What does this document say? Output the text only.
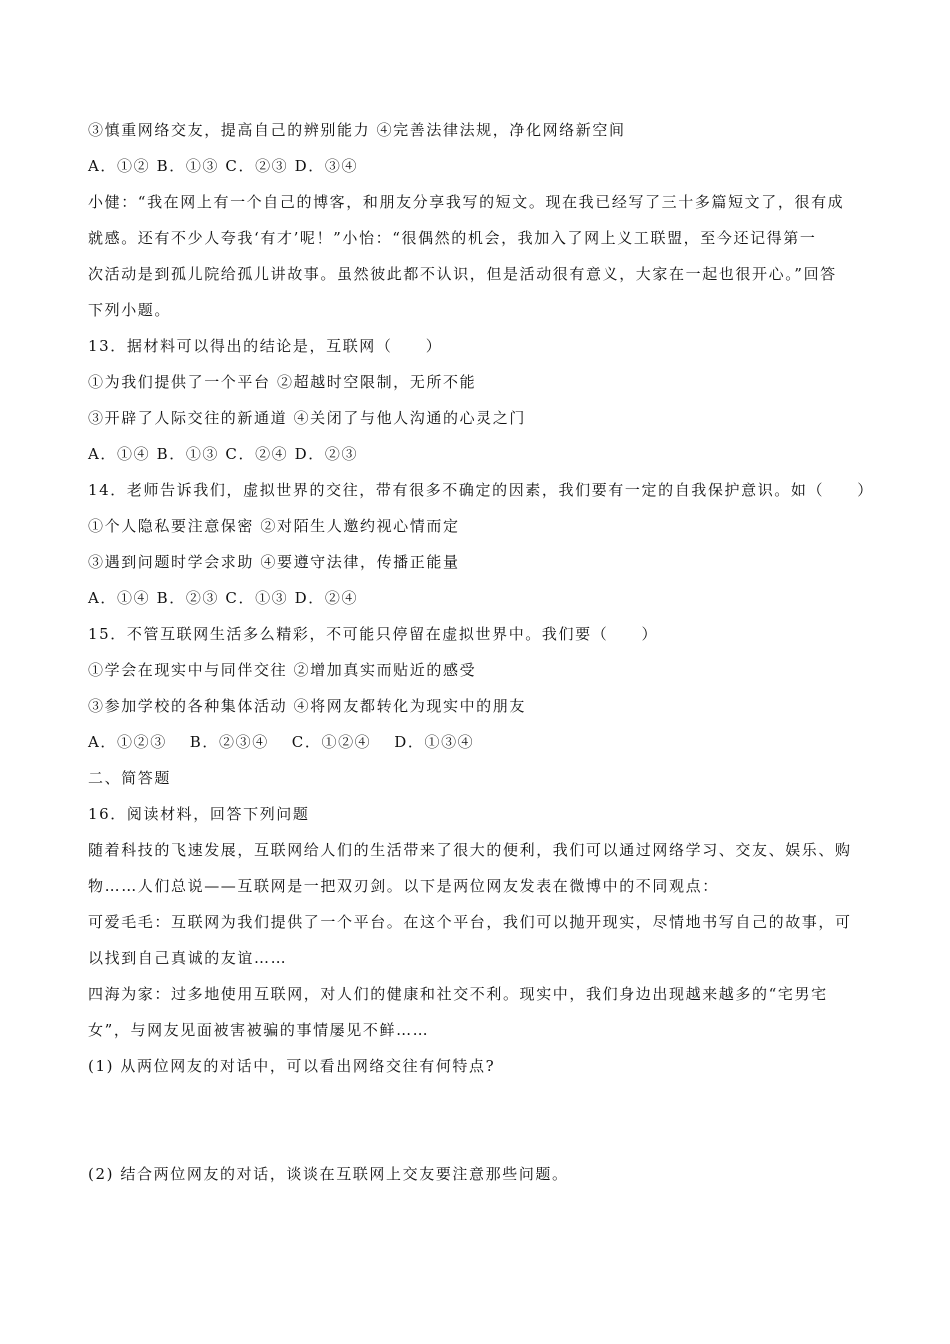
③慎重网络交友，提高自己的辨别能力 ④完善法律法规，净化网络新空间
A．①② B．①③ C．②③ D．③④
小健：“我在网上有一个自己的博客，和朋友分享我写的短文。现在我已经写了三十多篇短文了，很有成
就感。还有不少人夸我‘有才’呢！”小怡：“很偶然的机会，我加入了网上义工联盟，至今还记得第一
次活动是到孤儿院给孤儿讲故事。虽然彼此都不认识，但是活动很有意义，大家在一起也很开心。”回答
下列小题。
13．据材料可以得出的结论是，互联网（　　）
①为我们提供了一个平台 ②超越时空限制，无所不能
③开辟了人际交往的新通道 ④关闭了与他人沟通的心灵之门
A．①④ B．①③ C．②④ D．②③
14．老师告诉我们，虚拟世界的交往，带有很多不确定的因素，我们要有一定的自我保护意识。如（　　）
①个人隐私要注意保密 ②对陌生人邀约视心情而定
③遇到问题时学会求助 ④要遵守法律，传播正能量
A．①④ B．②③ C．①③ D．②④
15．不管互联网生活多么精彩，不可能只停留在虚拟世界中。我们要（　　）
①学会在现实中与同伴交往 ②增加真实而贴近的感受
③参加学校的各种集体活动 ④将网友都转化为现实中的朋友
A．①②③　 B．②③④　 C．①②④　 D．①③④
二、简答题
16．阅读材料，回答下列问题
随着科技的飞速发展，互联网给人们的生活带来了很大的便利，我们可以通过网络学习、交友、娱乐、购
物……人们总说——互联网是一把双刃剑。以下是两位网友发表在微博中的不同观点：
可爱毛毛：互联网为我们提供了一个平台。在这个平台，我们可以抛开现实，尽情地书写自己的故事，可
以找到自己真诚的友谊……
四海为家：过多地使用互联网，对人们的健康和社交不利。现实中，我们身边出现越来越多的“宅男宅
女”，与网友见面被害被骗的事情屡见不鲜……
(1) 从两位网友的对话中，可以看出网络交往有何特点?
(2) 结合两位网友的对话，谈谈在互联网上交友要注意那些问题。
